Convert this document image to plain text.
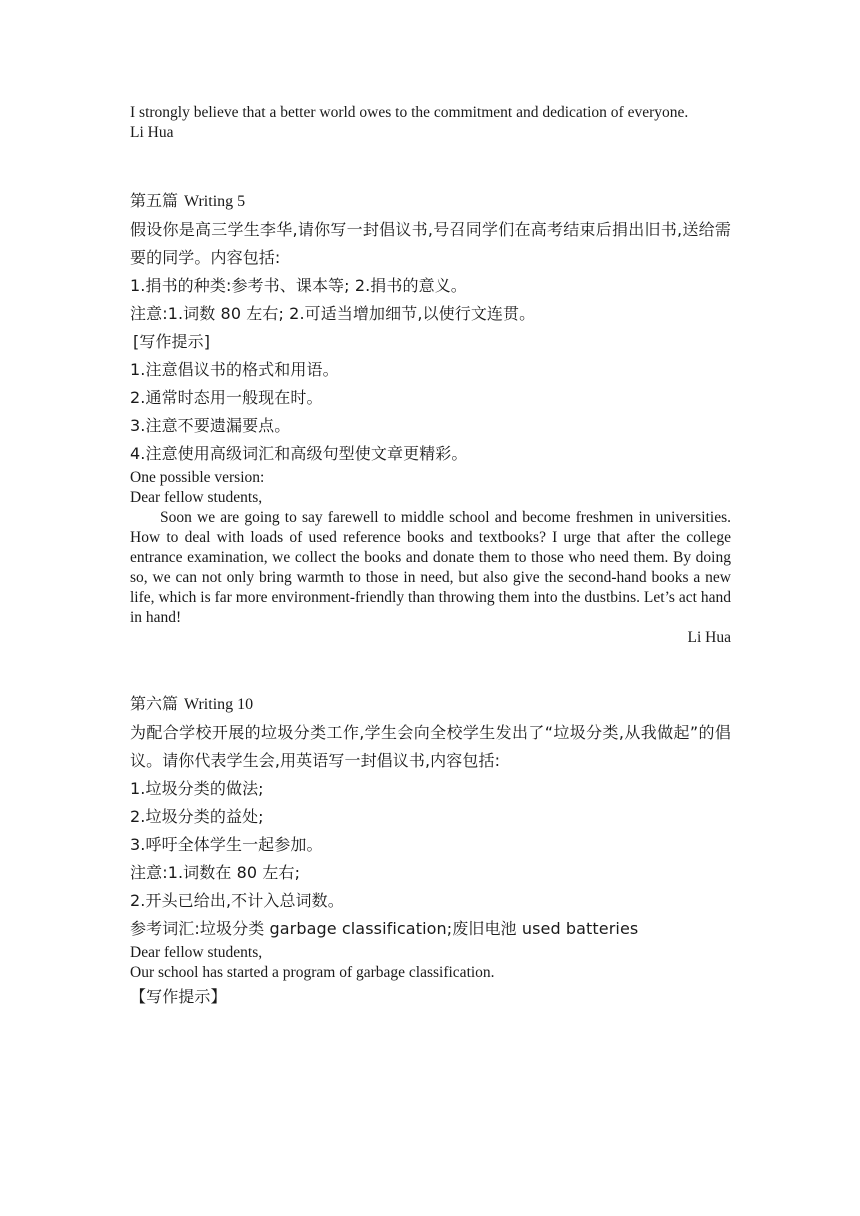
I strongly believe that a better world owes to the commitment and dedication of everyone.

Li Hua

第五篇 Writing 5

假设你是高三学生李华,请你写一封倡议书,号召同学们在高考结束后捐出旧书,送给需要的同学。内容包括:

1.捐书的种类:参考书、课本等; 2.捐书的意义。

注意:1.词数 80 左右; 2.可适当增加细节,以使行文连贯。

[写作提示]

1.注意倡议书的格式和用语。

2.通常时态用一般现在时。

3.注意不要遗漏要点。

4.注意使用高级词汇和高级句型使文章更精彩。

One possible version:

Dear fellow students,

Soon we are going to say farewell to middle school and become freshmen in universities. How to deal with loads of used reference books and textbooks? I urge that after the college entrance examination, we collect the books and donate them to those who need them. By doing so, we can not only bring warmth to those in need, but also give the second-hand books a new life, which is far more environment-friendly than throwing them into the dustbins. Let’s act hand in hand!

Li Hua

第六篇 Writing 10

为配合学校开展的垃圾分类工作,学生会向全校学生发出了“垃圾分类,从我做起”的倡议。请你代表学生会,用英语写一封倡议书,内容包括:

1.垃圾分类的做法;

2.垃圾分类的益处;

3.呼吁全体学生一起参加。

注意:1.词数在 80 左右;

2.开头已给出,不计入总词数。

参考词汇:垃圾分类 garbage classification;废旧电池 used batteries

Dear fellow students,

Our school has started a program of garbage classification.

【写作提示】
